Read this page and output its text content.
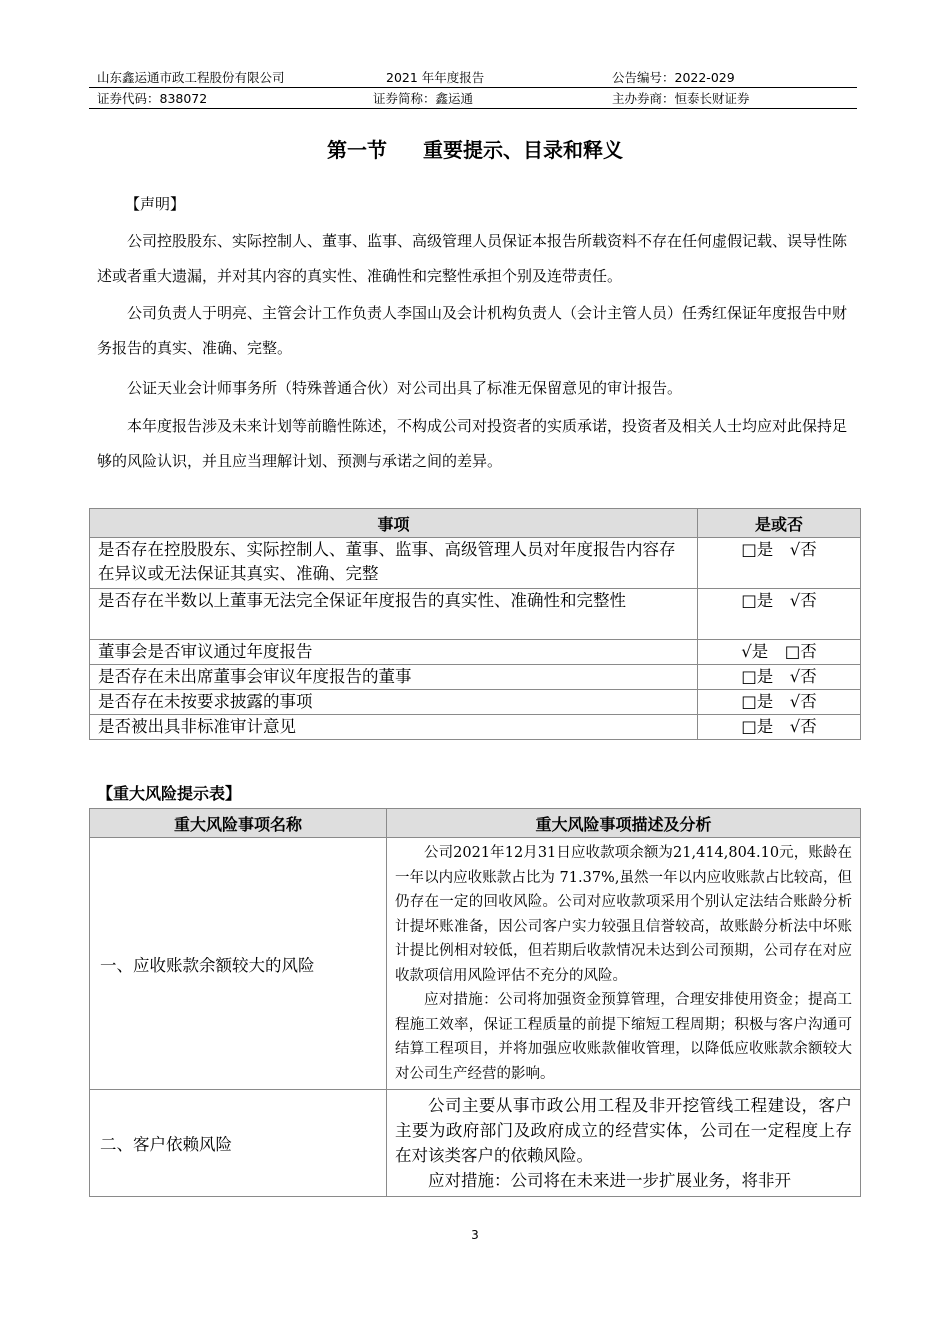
山东鑫运通市政工程股份有限公司	2021 年年度报告	公告编号：2022-029
证券代码：838072	证券简称：鑫运通	主办券商：恒泰长财证券
第一节 重要提示、目录和释义

【声明】

公司控股股东、实际控制人、董事、监事、高级管理人员保证本报告所载资料不存在任何虚假记载、误导性陈述或者重大遗漏，并对其内容的真实性、准确性和完整性承担个别及连带责任。

公司负责人于明亮、主管会计工作负责人李国山及会计机构负责人（会计主管人员）任秀红保证年度报告中财务报告的真实、准确、完整。

公证天业会计师事务所（特殊普通合伙）对公司出具了标准无保留意见的审计报告。

本年度报告涉及未来计划等前瞻性陈述，不构成公司对投资者的实质承诺，投资者及相关人士均应对此保持足够的风险认识，并且应当理解计划、预测与承诺之间的差异。

事项	是或否
是否存在控股股东、实际控制人、董事、监事、高级管理人员对年度报告内容存在异议或无法保证其真实、准确、完整	□是　√否
是否存在半数以上董事无法完全保证年度报告的真实性、准确性和完整性	□是　√否
董事会是否审议通过年度报告	√是　□否
是否存在未出席董事会审议年度报告的董事	□是　√否
是否存在未按要求披露的事项	□是　√否
是否被出具非标准审计意见	□是　√否
【重大风险提示表】
重大风险事项名称	重大风险事项描述及分析
一、应收账款余额较大的风险	公司2021年12月31日应收款项余额为21,414,804.10元，账龄在一年以内应收账款占比为 71.37%,虽然一年以内应收账款占比较高，但仍存在一定的回收风险。公司对应收款项采用个别认定法结合账龄分析计提坏账准备，因公司客户实力较强且信誉较高，故账龄分析法中坏账计提比例相对较低，但若期后收款情况未达到公司预期，公司存在对应收款项信用风险评估不充分的风险。

应对措施：公司将加强资金预算管理，合理安排使用资金；提高工程施工效率，保证工程质量的前提下缩短工程周期；积极与客户沟通可结算工程项目，并将加强应收账款催收管理，以降低应收账款余额较大对公司生产经营的影响。

二、客户依赖风险	公司主要从事市政公用工程及非开挖管线工程建设，客户主要为政府部门及政府成立的经营实体，公司在一定程度上存在对该类客户的依赖风险。

应对措施：公司将在未来进一步扩展业务，将非开

3
